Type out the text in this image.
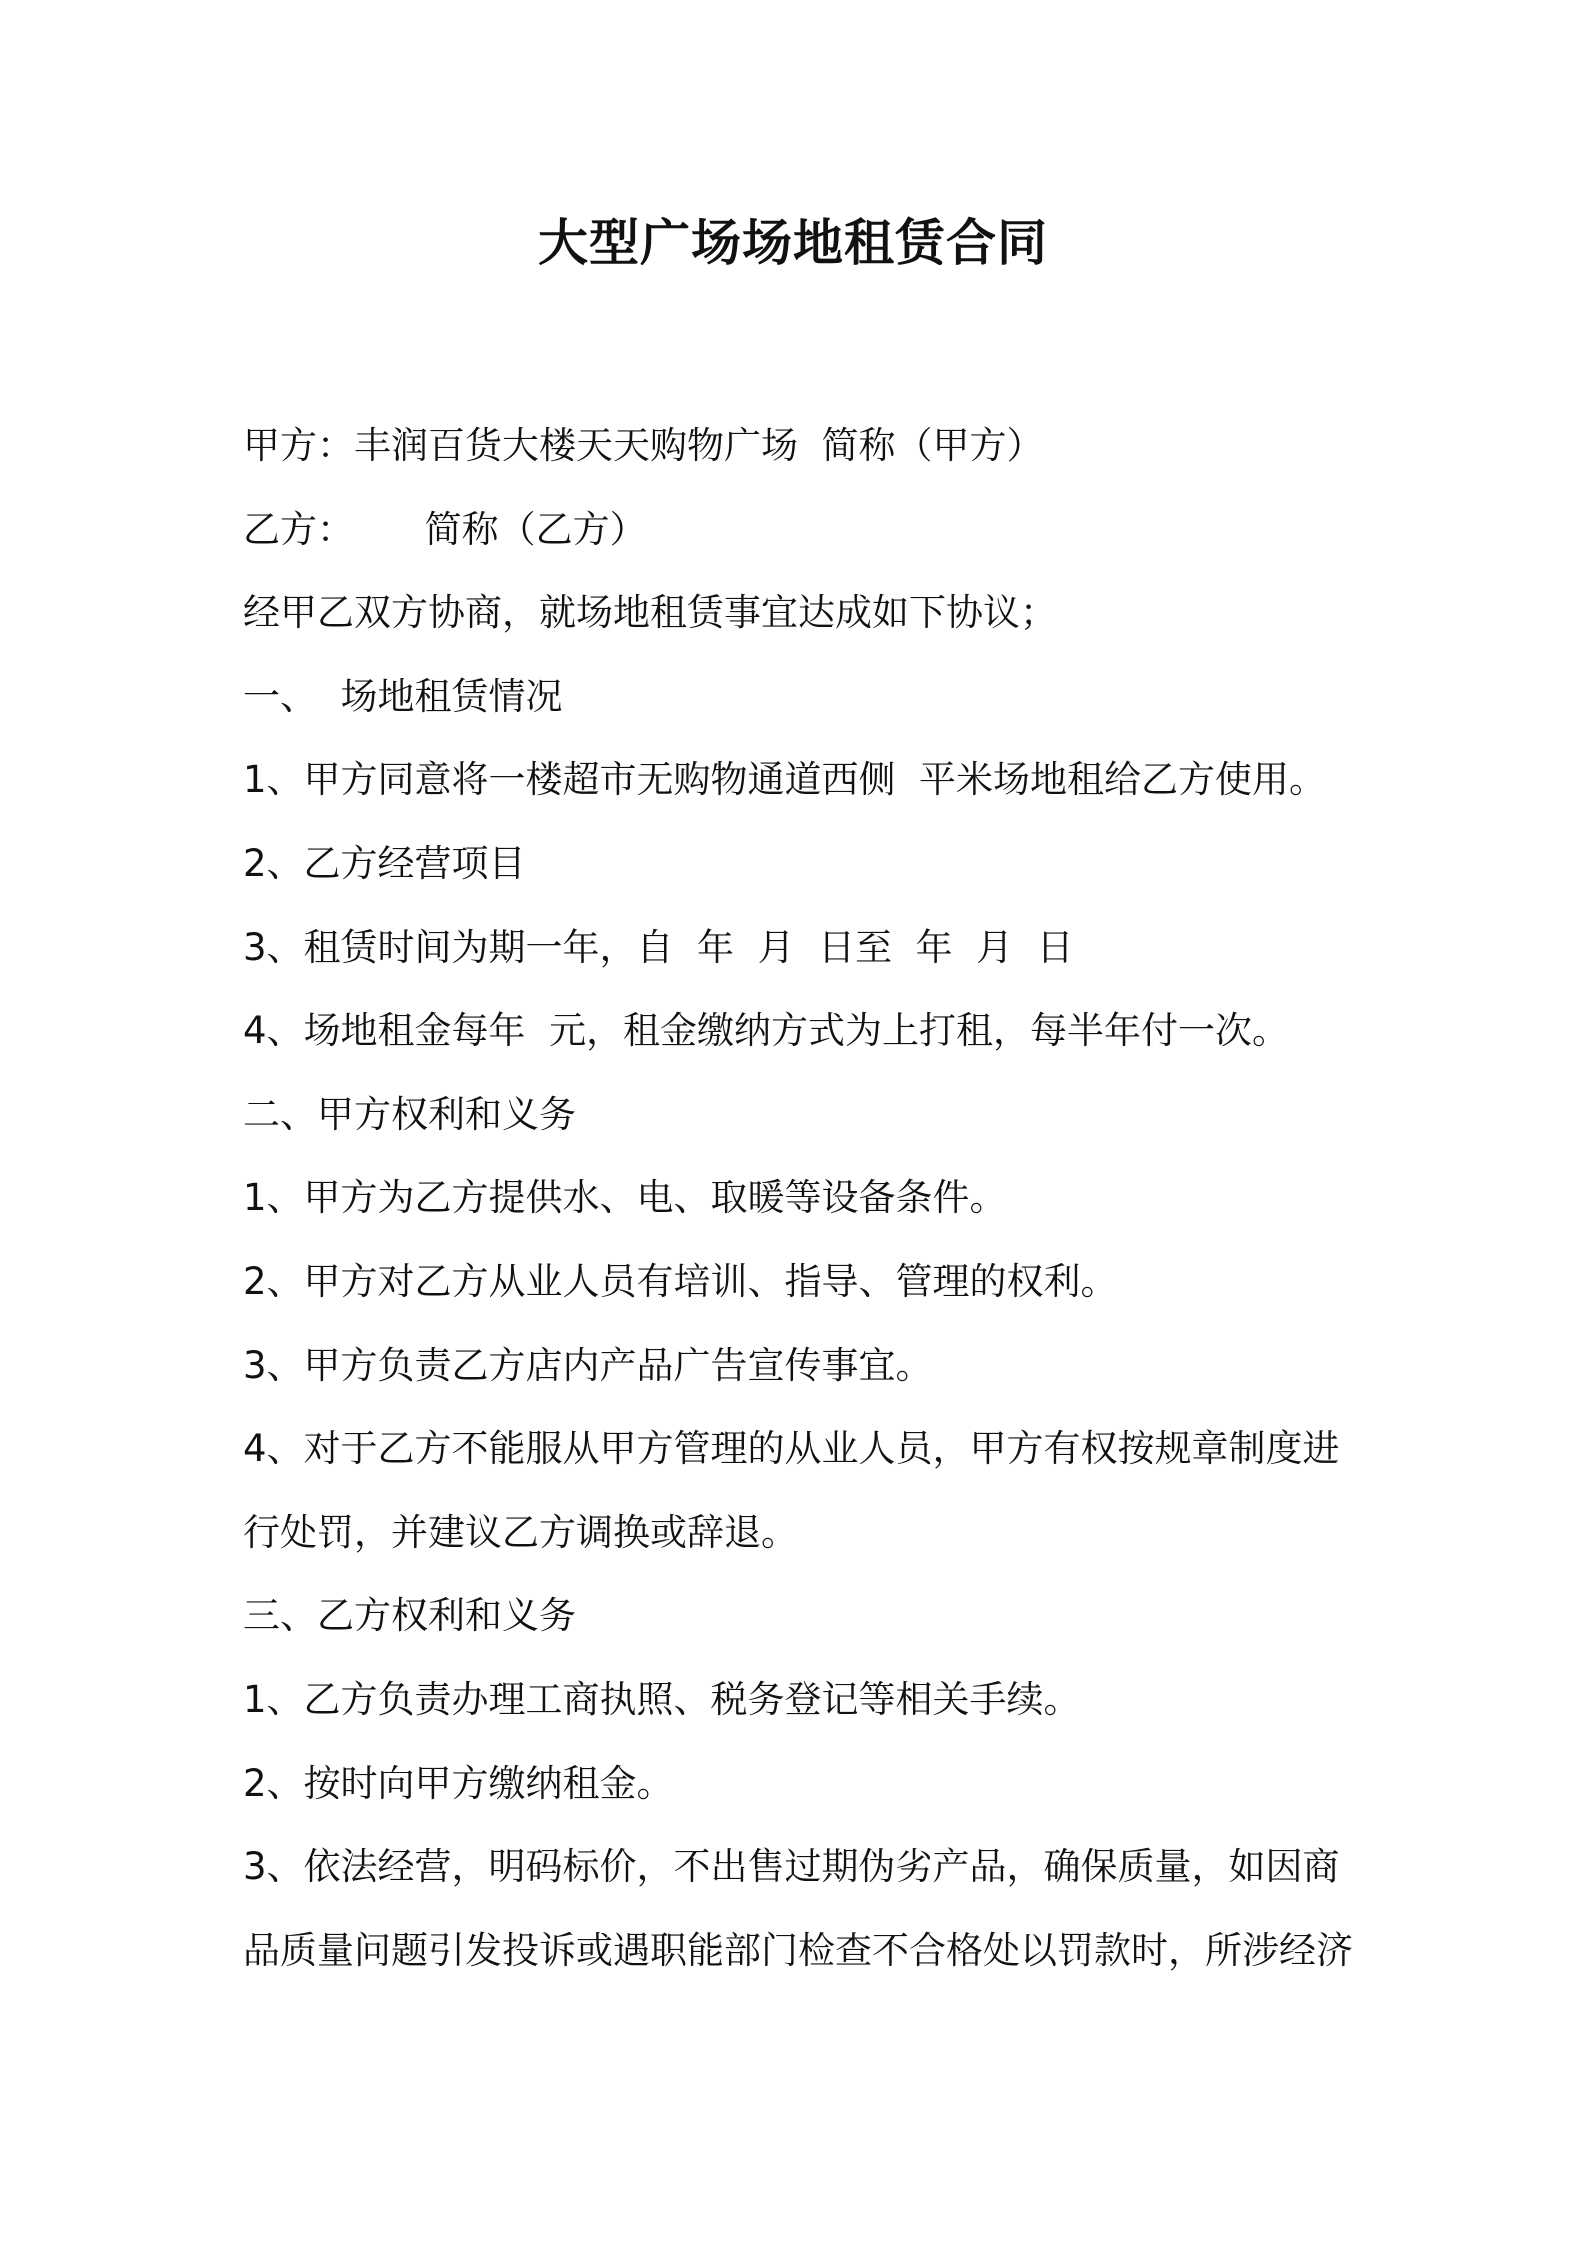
大型广场场地租赁合同
甲方：丰润百货大楼天天购物广场  简称（甲方）
乙方：      简称（乙方）
经甲乙双方协商，就场地租赁事宜达成如下协议；
一、  场地租赁情况
1、甲方同意将一楼超市无购物通道西侧  平米场地租给乙方使用。
2、乙方经营项目
3、租赁时间为期一年，自  年  月  日至  年  月  日
4、场地租金每年  元，租金缴纳方式为上打租，每半年付一次。
二、甲方权利和义务
1、甲方为乙方提供水、电、取暖等设备条件。
2、甲方对乙方从业人员有培训、指导、管理的权利。
3、甲方负责乙方店内产品广告宣传事宜。
4、对于乙方不能服从甲方管理的从业人员，甲方有权按规章制度进
行处罚，并建议乙方调换或辞退。
三、乙方权利和义务
1、乙方负责办理工商执照、税务登记等相关手续。
2、按时向甲方缴纳租金。
3、依法经营，明码标价，不出售过期伪劣产品，确保质量，如因商
品质量问题引发投诉或遇职能部门检查不合格处以罚款时，所涉经济
